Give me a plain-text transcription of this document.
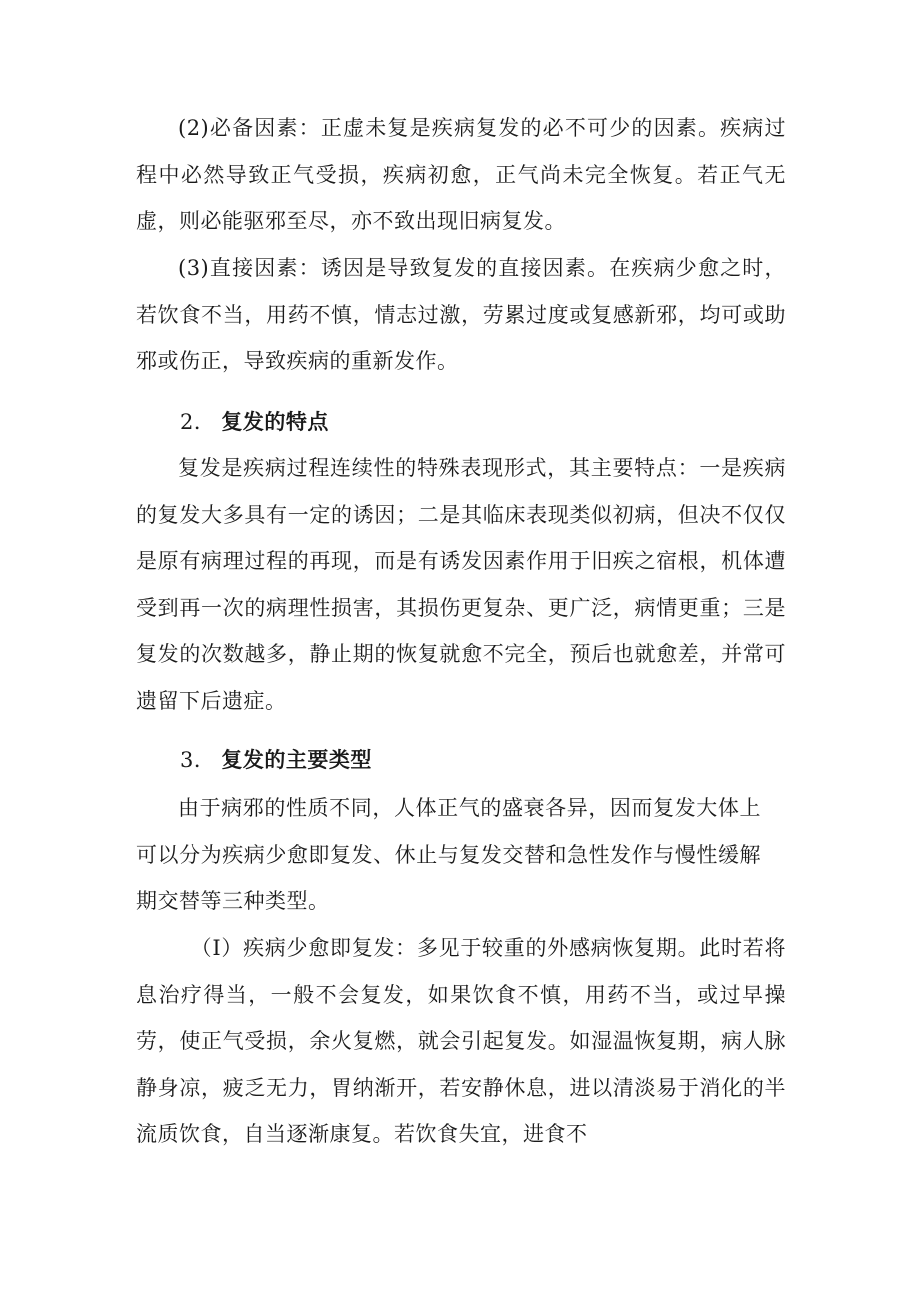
(2)必备因素：正虚未复是疾病复发的必不可少的因素。疾病过程中必然导致正气受损，疾病初愈，正气尚未完全恢复。若正气无虚，则必能驱邪至尽，亦不致出现旧病复发。

(3)直接因素：诱因是导致复发的直接因素。在疾病少愈之时，若饮食不当，用药不慎，情志过激，劳累过度或复感新邪，均可或助邪或伤正，导致疾病的重新发作。

2． 复发的特点

复发是疾病过程连续性的特殊表现形式，其主要特点：一是疾病的复发大多具有一定的诱因；二是其临床表现类似初病，但决不仅仅是原有病理过程的再现，而是有诱发因素作用于旧疾之宿根，机体遭受到再一次的病理性损害，其损伤更复杂、更广泛，病情更重；三是复发的次数越多，静止期的恢复就愈不完全，预后也就愈差，并常可遗留下后遗症。

3． 复发的主要类型

由于病邪的性质不同，人体正气的盛衰各异，因而复发大体上可以分为疾病少愈即复发、休止与复发交替和急性发作与慢性缓解期交替等三种类型。

（I）疾病少愈即复发：多见于较重的外感病恢复期。此时若将息治疗得当，一般不会复发，如果饮食不慎，用药不当，或过早操劳，使正气受损，余火复燃，就会引起复发。如湿温恢复期，病人脉静身凉，疲乏无力，胃纳渐开，若安静休息，进以清淡易于消化的半流质饮食，自当逐渐康复。若饮食失宜，进食不
